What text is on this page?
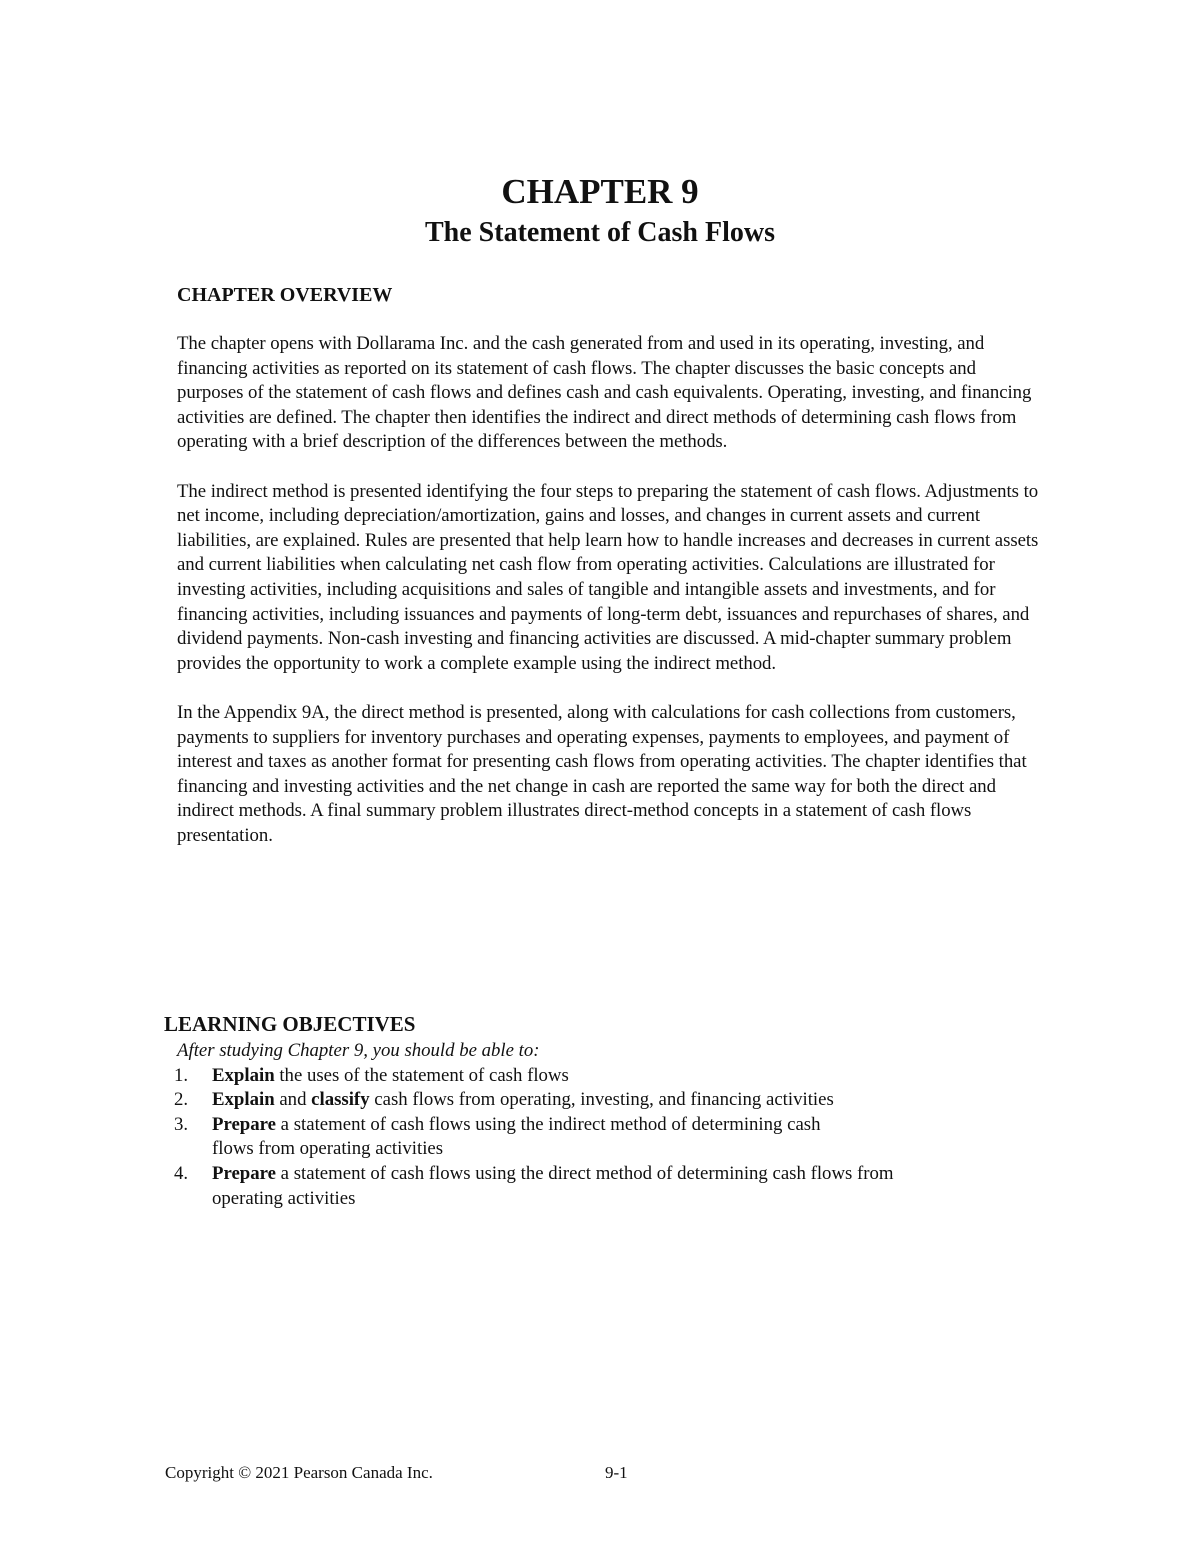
CHAPTER 9
The Statement of Cash Flows
CHAPTER OVERVIEW

The chapter opens with Dollarama Inc. and the cash generated from and used in its operating, investing, and financing activities as reported on its statement of cash flows. The chapter discusses the basic concepts and purposes of the statement of cash flows and defines cash and cash equivalents. Operating, investing, and financing activities are defined. The chapter then identifies the indirect and direct methods of determining cash flows from operating with a brief description of the differences between the methods.

The indirect method is presented identifying the four steps to preparing the statement of cash flows. Adjustments to net income, including depreciation/amortization, gains and losses, and changes in current assets and current liabilities, are explained. Rules are presented that help learn how to handle increases and decreases in current assets and current liabilities when calculating net cash flow from operating activities. Calculations are illustrated for investing activities, including acquisitions and sales of tangible and intangible assets and investments, and for financing activities, including issuances and payments of long-term debt, issuances and repurchases of shares, and dividend payments. Non-cash investing and financing activities are discussed. A mid-chapter summary problem provides the opportunity to work a complete example using the indirect method.

In the Appendix 9A, the direct method is presented, along with calculations for cash collections from customers, payments to suppliers for inventory purchases and operating expenses, payments to employees, and payment of interest and taxes as another format for presenting cash flows from operating activities. The chapter identifies that financing and investing activities and the net change in cash are reported the same way for both the direct and indirect methods. A final summary problem illustrates direct-method concepts in a statement of cash flows presentation.

LEARNING OBJECTIVES
After studying Chapter 9, you should be able to:
1. Explain the uses of the statement of cash flows
2. Explain and classify cash flows from operating, investing, and financing activities
3. Prepare a statement of cash flows using the indirect method of determining cash
flows from operating activities
4. Prepare a statement of cash flows using the direct method of determining cash flows from
operating activities
Copyright © 2021 Pearson Canada Inc.	9-1
